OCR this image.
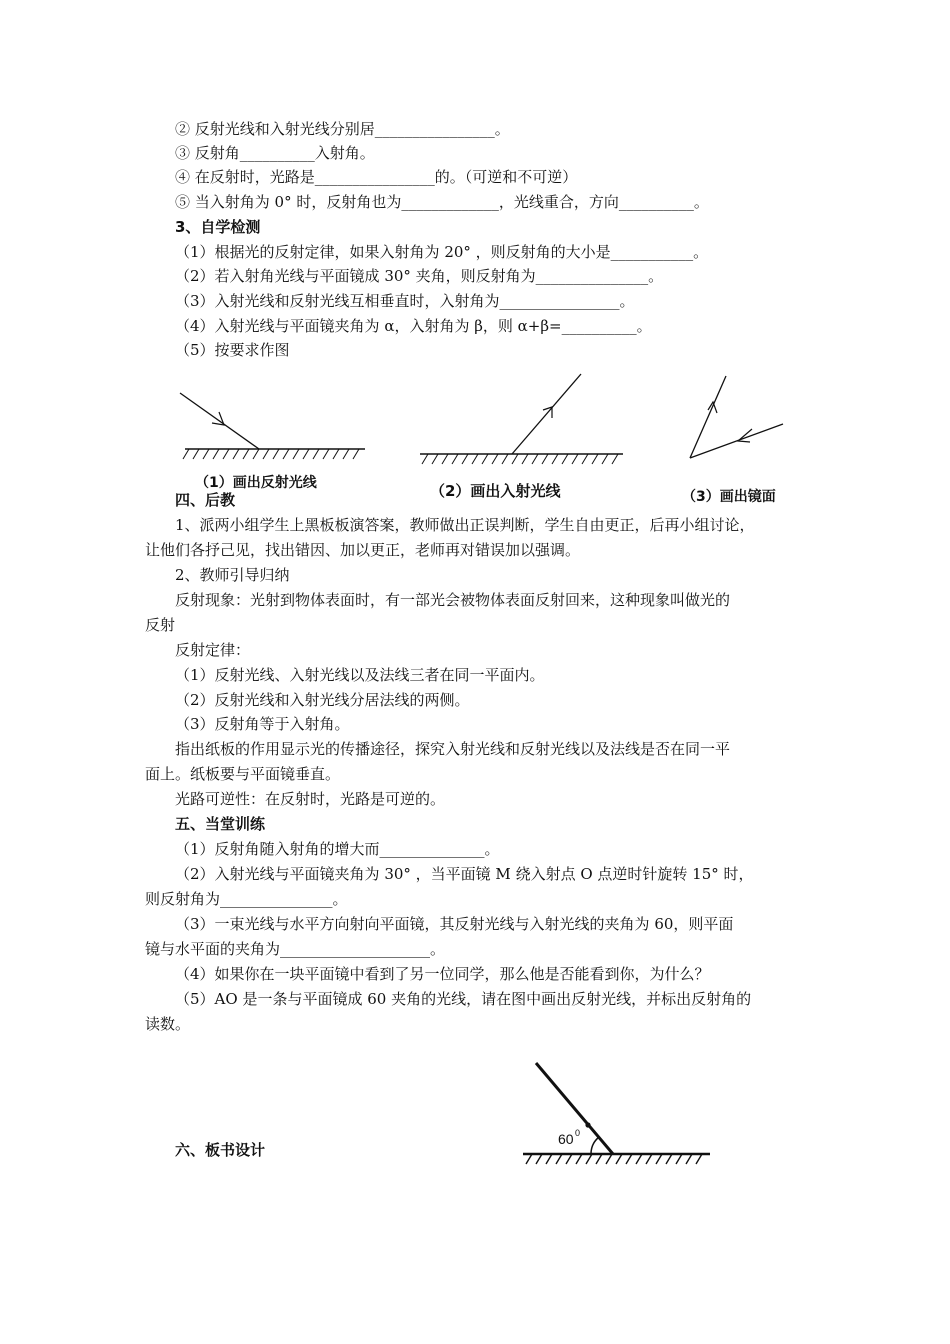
② 反射光线和入射光线分别居________________。
③ 反射角__________入射角。
④ 在反射时，光路是________________的。（可逆和不可逆）
⑤ 当入射角为 0° 时，反射角也为_____________，光线重合，方向__________。
3、自学检测
（1）根据光的反射定律，如果入射角为 20° ，则反射角的大小是___________。
（2）若入射角光线与平面镜成 30° 夹角，则反射角为_______________。
（3）入射光线和反射光线互相垂直时，入射角为________________。
（4）入射光线与平面镜夹角为 α，入射角为 β，则 α+β=__________。
（5）按要求作图
四、后教
1、派两小组学生上黑板板演答案，教师做出正误判断，学生自由更正，后再小组讨论，
让他们各抒己见，找出错因、加以更正，老师再对错误加以强调。
2、教师引导归纳
反射现象：光射到物体表面时，有一部光会被物体表面反射回来，这种现象叫做光的
反射
反射定律：
（1）反射光线、入射光线以及法线三者在同一平面内。
（2）反射光线和入射光线分居法线的两侧。
（3）反射角等于入射角。
指出纸板的作用显示光的传播途径，探究入射光线和反射光线以及法线是否在同一平
面上。纸板要与平面镜垂直。
光路可逆性：在反射时，光路是可逆的。
五、当堂训练
（1）反射角随入射角的增大而______________。
（2）入射光线与平面镜夹角为 30° ，当平面镜 M 绕入射点 O 点逆时针旋转 15° 时，
则反射角为_______________。
（3）一束光线与水平方向射向平面镜，其反射光线与入射光线的夹角为 60，则平面
镜与水平面的夹角为____________________。
（4）如果你在一块平面镜中看到了另一位同学，那么他是否能看到你，为什么？
（5）AO 是一条与平面镜成 60 夹角的光线，请在图中画出反射光线，并标出反射角的
读数。
六、板书设计
（1）画出反射光线	（2）画出入射光线	（3）画出镜面
60 0
